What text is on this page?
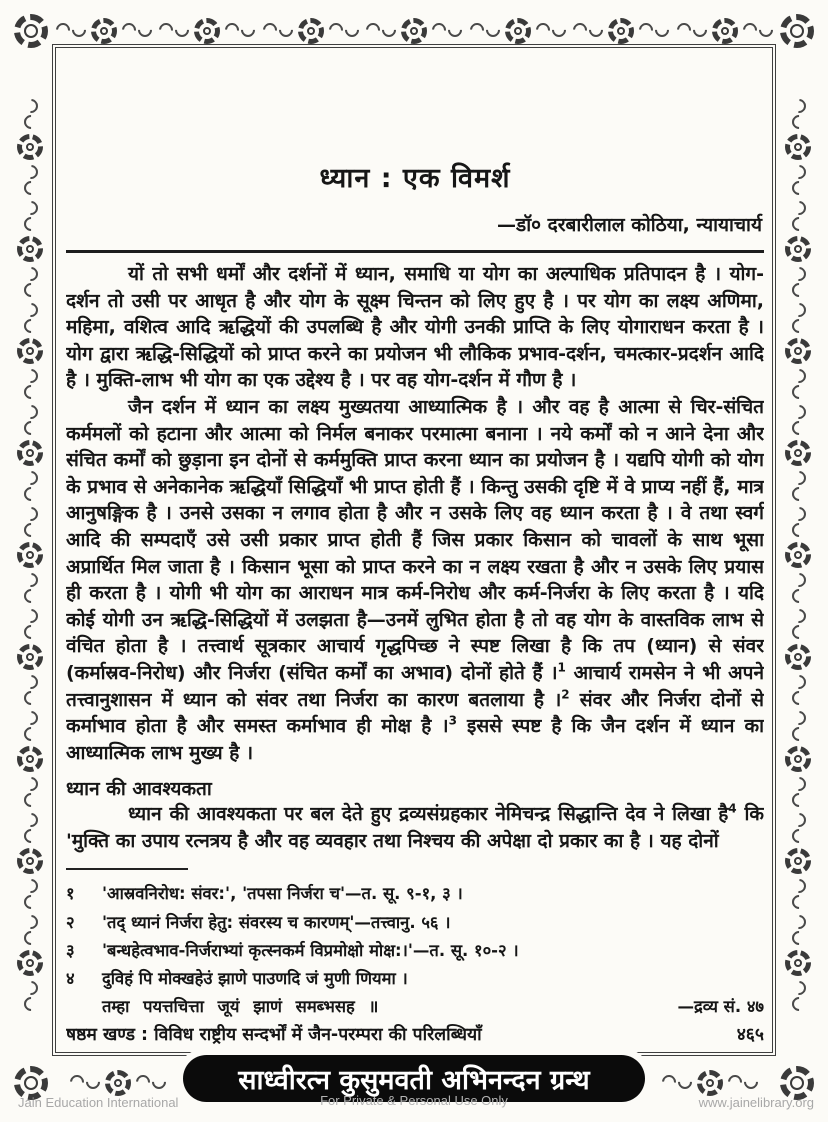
ध्यान : एक विमर्श
—डॉ० दरबारीलाल कोठिया, न्यायाचार्य

यों तो सभी धर्मों और दर्शनों में ध्यान, समाधि या योग का अल्पाधिक प्रतिपादन है । योग-दर्शन तो उसी पर आधृत है और योग के सूक्ष्म चिन्तन को लिए हुए है । पर योग का लक्ष्य अणिमा, महिमा, वशित्व आदि ऋद्धियों की उपलब्धि है और योगी उनकी प्राप्ति के लिए योगाराधन करता है । योग द्वारा ऋद्धि-सिद्धियों को प्राप्त करने का प्रयोजन भी लौकिक प्रभाव-दर्शन, चमत्कार-प्रदर्शन आदि है । मुक्ति-लाभ भी योग का एक उद्देश्य है । पर वह योग-दर्शन में गौण है ।

जैन दर्शन में ध्यान का लक्ष्य मुख्यतया आध्यात्मिक है । और वह है आत्मा से चिर-संचित कर्ममलों को हटाना और आत्मा को निर्मल बनाकर परमात्मा बनाना । नये कर्मों को न आने देना और संचित कर्मों को छुड़ाना इन दोनों से कर्ममुक्ति प्राप्त करना ध्यान का प्रयोजन है । यद्यपि योगी को योग के प्रभाव से अनेकानेक ऋद्धियाँ सिद्धियाँ भी प्राप्त होती हैं । किन्तु उसकी दृष्टि में वे प्राप्य नहीं हैं, मात्र आनुषङ्गिक है । उनसे उसका न लगाव होता है और न उसके लिए वह ध्यान करता है । वे तथा स्वर्ग आदि की सम्पदाएँ उसे उसी प्रकार प्राप्त होती हैं जिस प्रकार किसान को चावलों के साथ भूसा अप्रार्थित मिल जाता है । किसान भूसा को प्राप्त करने का न लक्ष्य रखता है और न उसके लिए प्रयास ही करता है । योगी भी योग का आराधन मात्र कर्म-निरोध और कर्म-निर्जरा के लिए करता है । यदि कोई योगी उन ऋद्धि-सिद्धियों में उलझता है—उनमें लुभित होता है तो वह योग के वास्तविक लाभ से वंचित होता है । तत्त्वार्थ सूत्रकार आचार्य गृद्धपिच्छ ने स्पष्ट लिखा है कि तप (ध्यान) से संवर (कर्मास्रव-निरोध) और निर्जरा (संचित कर्मों का अभाव) दोनों होते हैं ।$^1$ आचार्य रामसेन ने भी अपने तत्त्वानुशासन में ध्यान को संवर तथा निर्जरा का कारण बतलाया है ।$^2$ संवर और निर्जरा दोनों से कर्माभाव होता है और समस्त कर्माभाव ही मोक्ष है ।$^3$ इससे स्पष्ट है कि जैन दर्शन में ध्यान का आध्यात्मिक लाभ मुख्य है ।

ध्यान की आवश्यकता

ध्यान की आवश्यकता पर बल देते हुए द्रव्यसंग्रहकार नेमिचन्द्र सिद्धान्ति देव ने लिखा है$^4$ कि 'मुक्ति का उपाय रत्नत्रय है और वह व्यवहार तथा निश्चय की अपेक्षा दो प्रकार का है । यह दोनों

१	'आस्रवनिरोध: संवर:', 'तपसा निर्जरा च'—त. सू. ९-१, ३ ।
२	'तद् ध्यानं निर्जरा हेतु: संवरस्य च कारणम्'—तत्त्वानु. ५६ ।
३	'बन्धहेत्वभाव-निर्जराभ्यां कृत्स्नकर्म विप्रमोक्षो मोक्ष:।'—त. सू. १०-२ ।
४	दुविहं पि मोक्खहेउं झाणे पाउणदि जं मुणी णियमा ।
तम्हा पयत्तचित्ता जूयं झाणं समब्भसह ॥	—द्रव्य सं. ४७
षष्ठम खण्ड : विविध राष्ट्रीय सन्दर्भों में जैन-परम्परा की परिलब्धियाँ	४६५
साध्वीरत्न कुसुमवती अभिनन्दन ग्रन्थ
Jain Education International	For Private & Personal Use Only	www.jainelibrary.org
